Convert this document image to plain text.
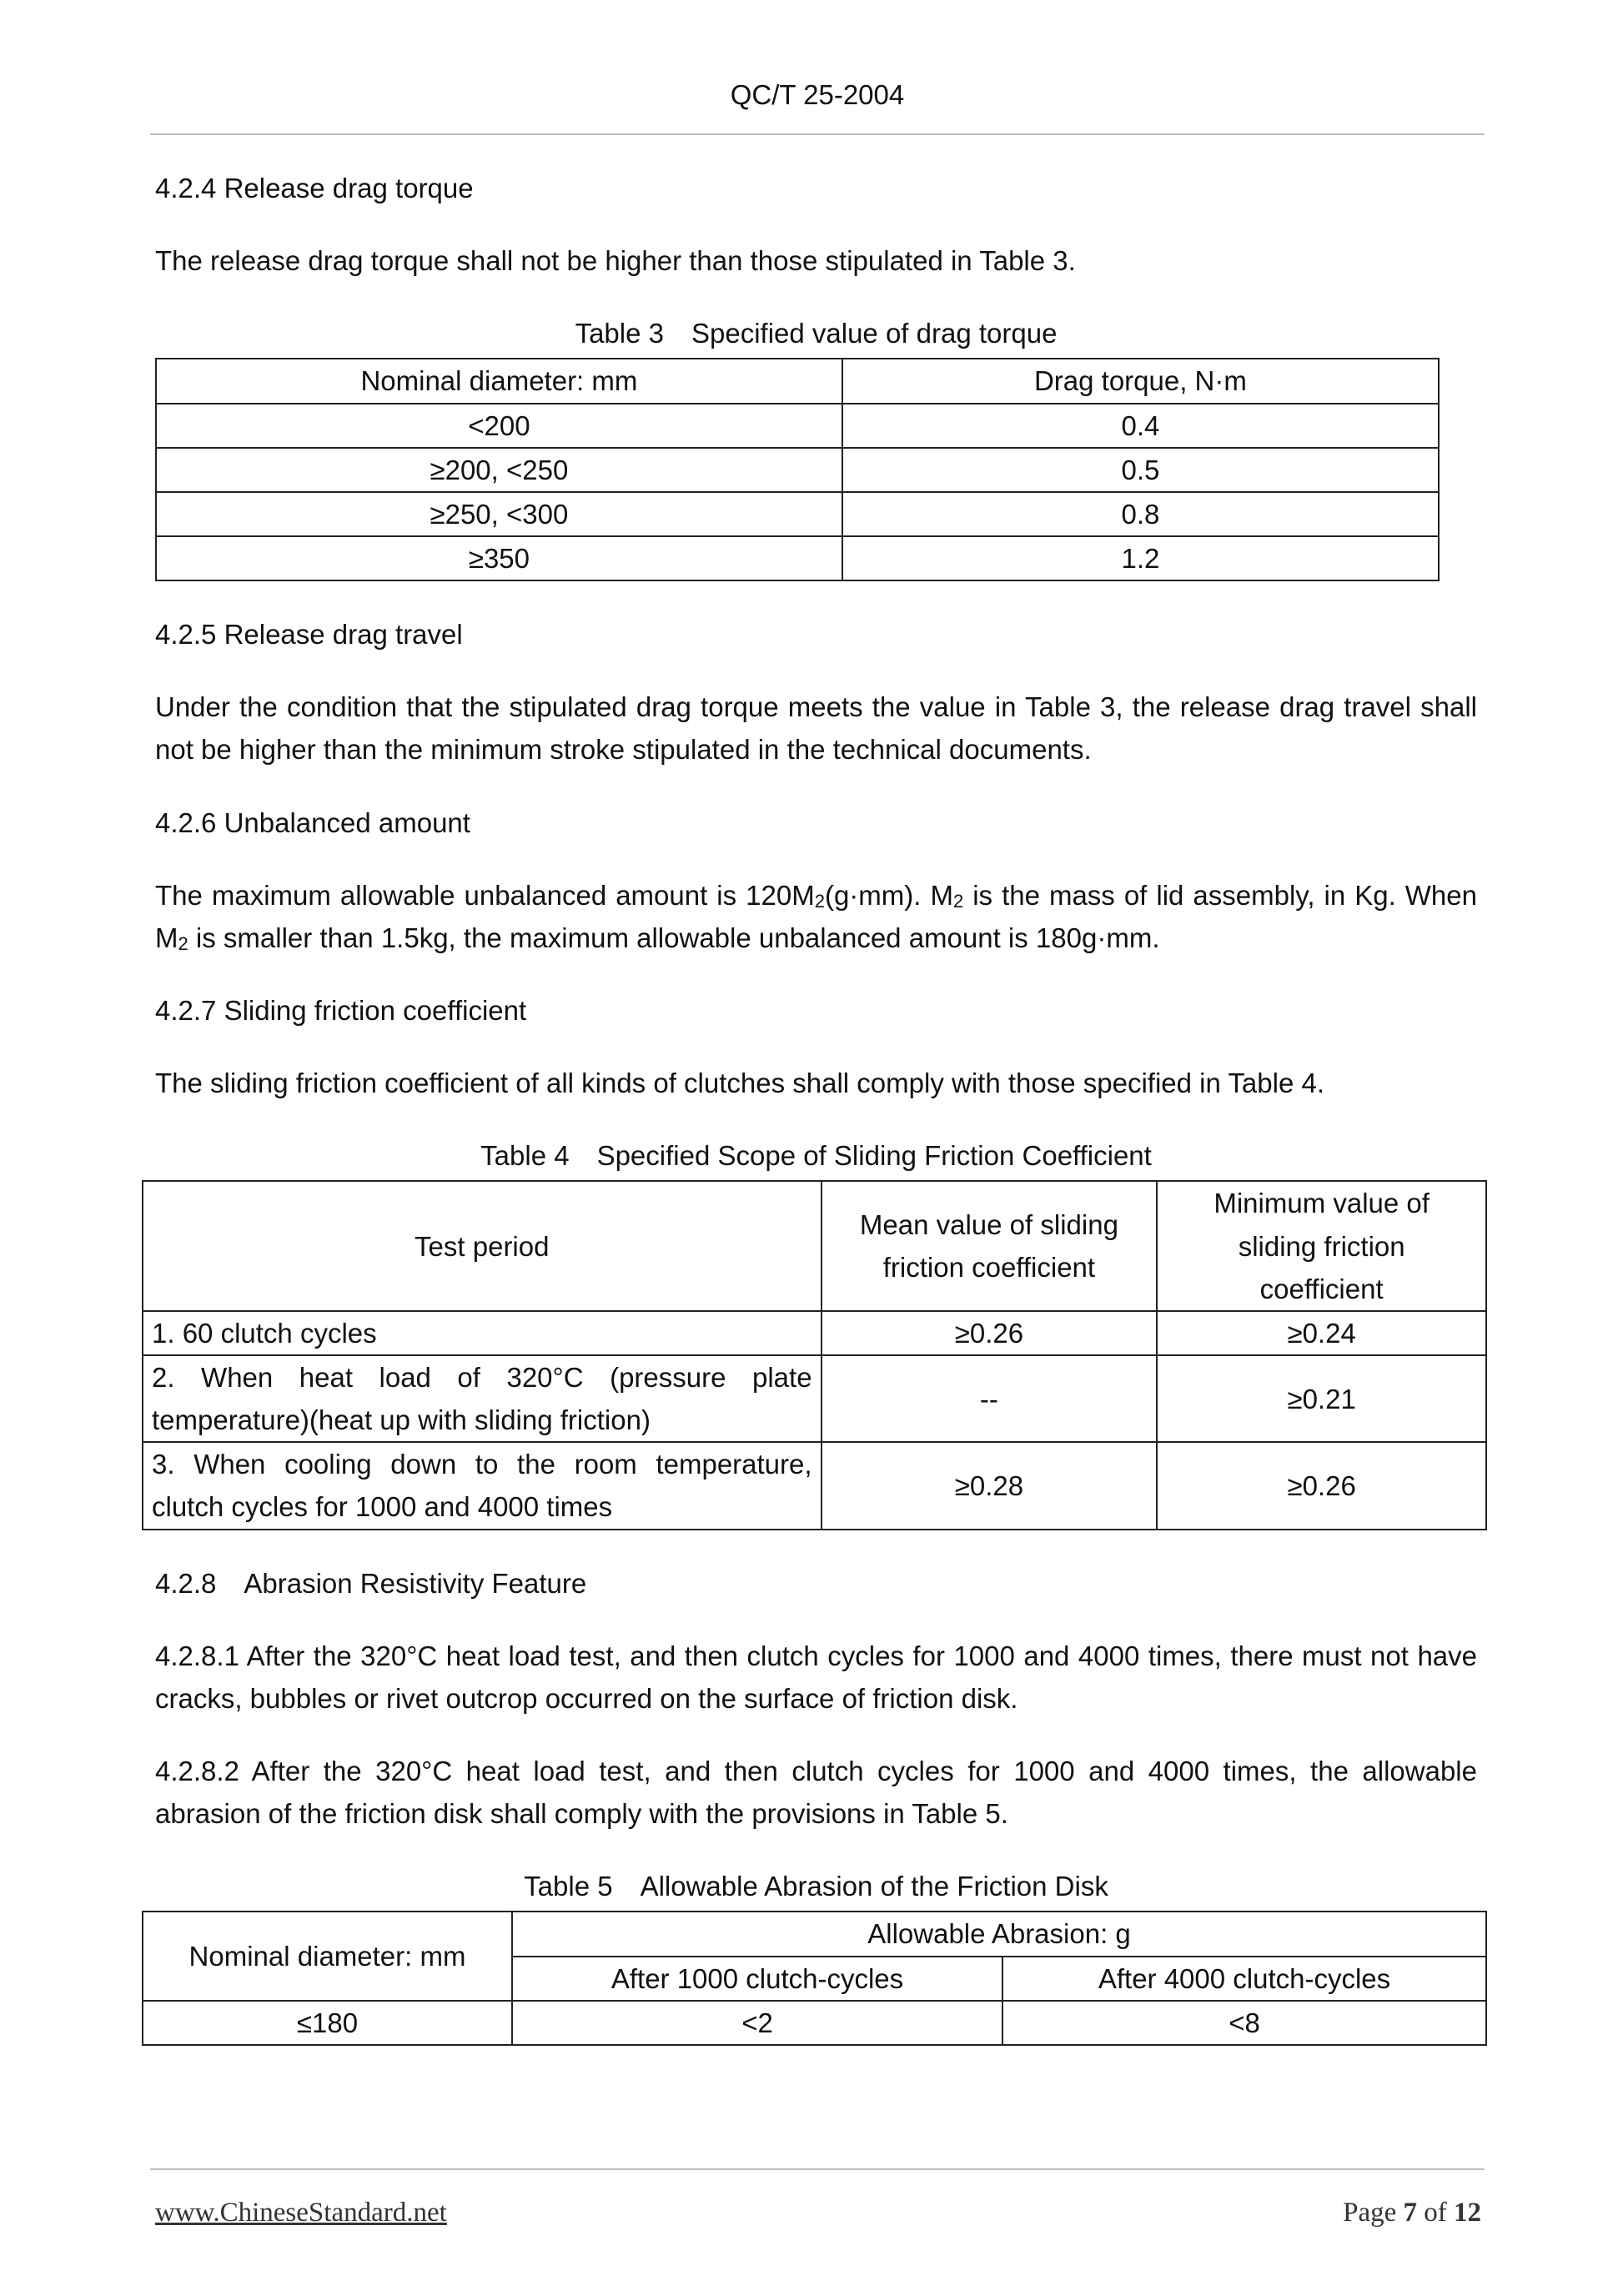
QC/T 25-2004

4.2.4 Release drag torque

The release drag torque shall not be higher than those stipulated in Table 3.

Table 3 Specified value of drag torque

Nominal diameter: mm	Drag torque, N·m
<200	0.4
≥200, <250	0.5
≥250, <300	0.8
≥350	1.2

4.2.5 Release drag travel

Under the condition that the stipulated drag torque meets the value in Table 3, the release drag travel shall not be higher than the minimum stroke stipulated in the technical documents.

4.2.6 Unbalanced amount

The maximum allowable unbalanced amount is $120M_2(g\cdot mm)$. $M_2$ is the mass of lid assembly, in Kg. When $M_2$ is smaller than 1.5kg, the maximum allowable unbalanced amount is 180g·mm.

4.2.7 Sliding friction coefficient

The sliding friction coefficient of all kinds of clutches shall comply with those specified in Table 4.

Table 4 Specified Scope of Sliding Friction Coefficient

Test period	Mean value of sliding friction coefficient	Minimum value of sliding friction coefficient
1. 60 clutch cycles	≥0.26	≥0.24
2. When heat load of 320°C (pressure plate temperature)(heat up with sliding friction)	--	≥0.21
3. When cooling down to the room temperature, clutch cycles for 1000 and 4000 times	≥0.28	≥0.26

4.2.8 Abrasion Resistivity Feature

4.2.8.1 After the 320°C heat load test, and then clutch cycles for 1000 and 4000 times, there must not have cracks, bubbles or rivet outcrop occurred on the surface of friction disk.

4.2.8.2 After the 320°C heat load test, and then clutch cycles for 1000 and 4000 times, the allowable abrasion of the friction disk shall comply with the provisions in Table 5.

Table 5 Allowable Abrasion of the Friction Disk

Nominal diameter: mm	Allowable Abrasion: g	
	After 1000 clutch-cycles	After 4000 clutch-cycles
≤180	<2	<8
www.ChineseStandard.net	Page 7 of 12
